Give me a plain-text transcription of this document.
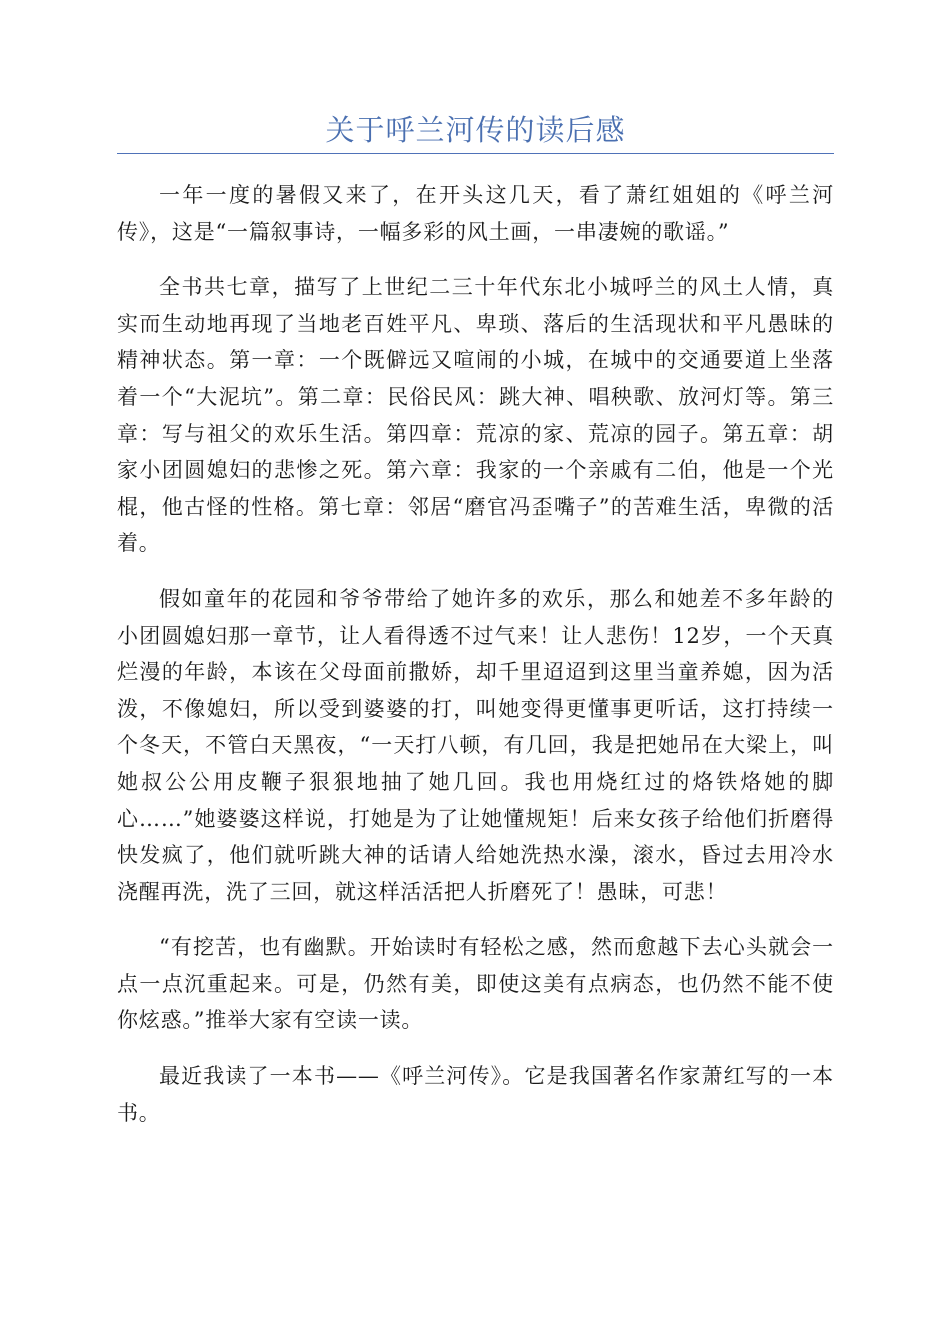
关于呼兰河传的读后感

一年一度的暑假又来了，在开头这几天，看了萧红姐姐的《呼兰河传》，这是“一篇叙事诗，一幅多彩的风土画，一串凄婉的歌谣。”

全书共七章，描写了上世纪二三十年代东北小城呼兰的风土人情，真实而生动地再现了当地老百姓平凡、卑琐、落后的生活现状和平凡愚昧的精神状态。第一章：一个既僻远又喧闹的小城，在城中的交通要道上坐落着一个“大泥坑”。第二章：民俗民风：跳大神、唱秧歌、放河灯等。第三章：写与祖父的欢乐生活。第四章：荒凉的家、荒凉的园子。第五章：胡家小团圆媳妇的悲惨之死。第六章：我家的一个亲戚有二伯，他是一个光棍，他古怪的性格。第七章：邻居“磨官冯歪嘴子”的苦难生活，卑微的活着。

假如童年的花园和爷爷带给了她许多的欢乐，那么和她差不多年龄的小团圆媳妇那一章节，让人看得透不过气来！让人悲伤！12岁，一个天真烂漫的年龄，本该在父母面前撒娇，却千里迢迢到这里当童养媳，因为活泼，不像媳妇，所以受到婆婆的打，叫她变得更懂事更听话，这打持续一个冬天，不管白天黑夜，“一天打八顿，有几回，我是把她吊在大梁上，叫她叔公公用皮鞭子狠狠地抽了她几回。我也用烧红过的烙铁烙她的脚心……”她婆婆这样说，打她是为了让她懂规矩！后来女孩子给他们折磨得快发疯了，他们就听跳大神的话请人给她洗热水澡，滚水，昏过去用冷水浇醒再洗，洗了三回，就这样活活把人折磨死了！愚昧，可悲！

“有挖苦，也有幽默。开始读时有轻松之感，然而愈越下去心头就会一点一点沉重起来。可是，仍然有美，即使这美有点病态，也仍然不能不使你炫惑。”推举大家有空读一读。

最近我读了一本书——《呼兰河传》。它是我国著名作家萧红写的一本书。
